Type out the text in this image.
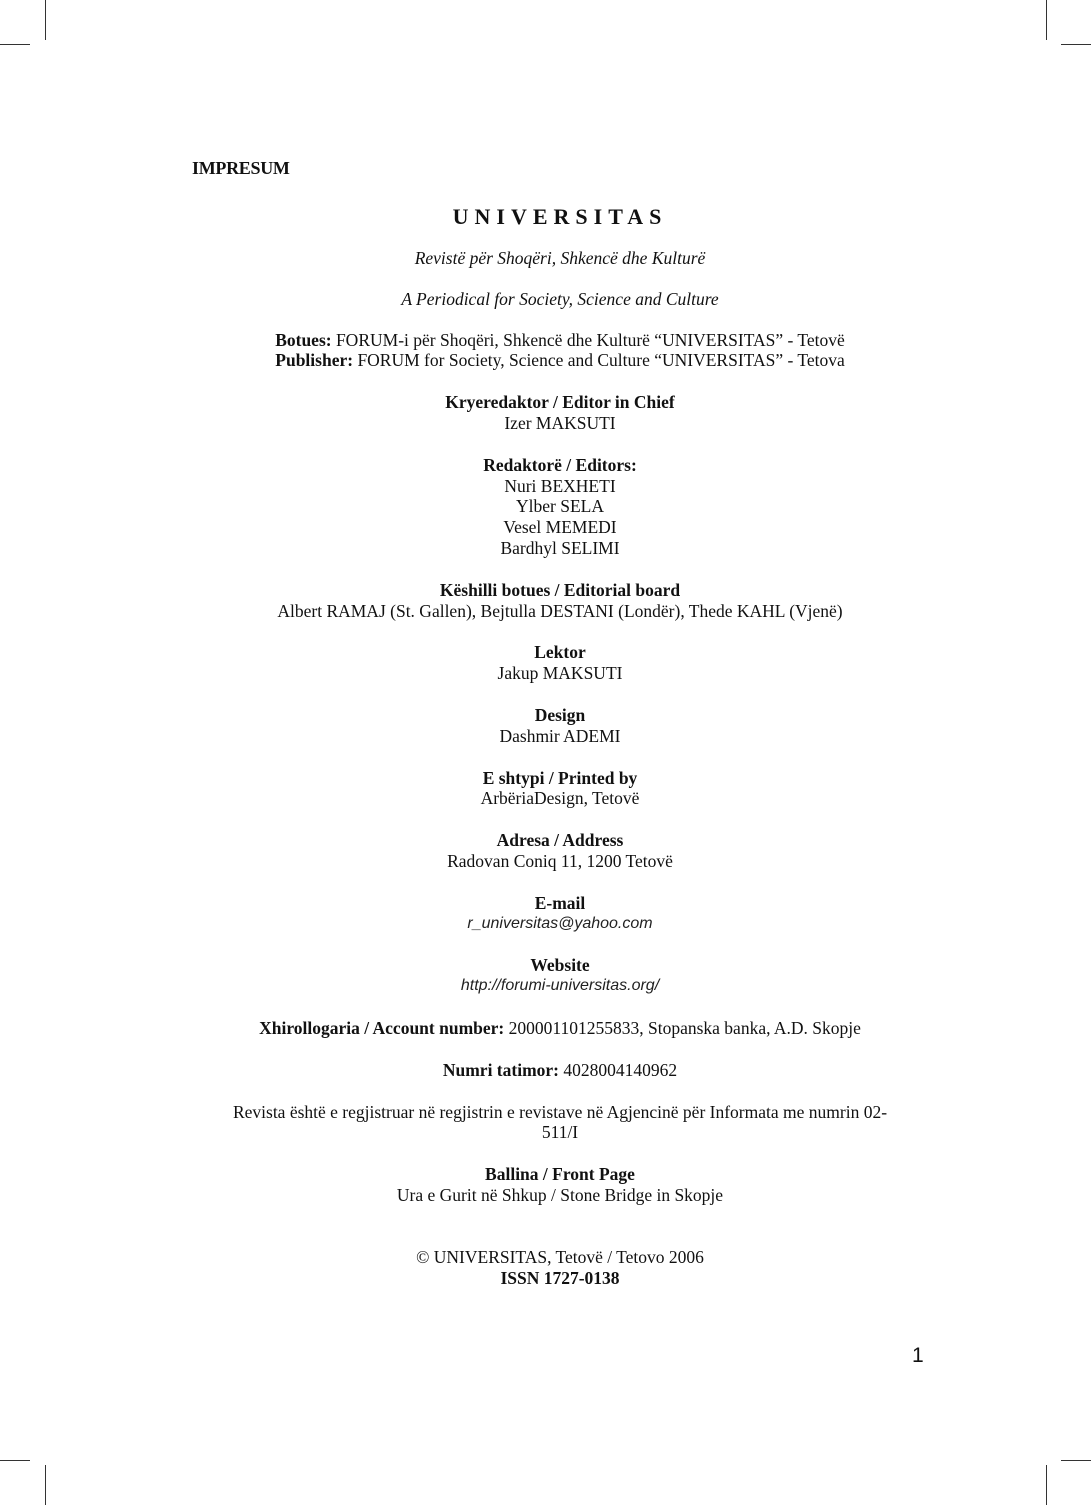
IMPRESUM
UNIVERSITAS

Revistë për Shoqëri, Shkencë dhe Kulturë

A Periodical for Society, Science and Culture

Botues: FORUM-i për Shoqëri, Shkencë dhe Kulturë “UNIVERSITAS” - Tetovë
Publisher: FORUM for Society, Science and Culture “UNIVERSITAS” - Tetova
Kryeredaktor / Editor in Chief
Izer MAKSUTI
Redaktorë / Editors:
Nuri BEXHETI
Ylber SELA
Vesel MEMEDI
Bardhyl SELIMI
Këshilli botues / Editorial board
Albert RAMAJ (St. Gallen), Bejtulla DESTANI (Londër), Thede KAHL (Vjenë)
Lektor
Jakup MAKSUTI
Design
Dashmir ADEMI
E shtypi / Printed by
ArbëriaDesign, Tetovë
Adresa / Address
Radovan Coniq 11, 1200 Tetovë
E-mail
r_universitas@yahoo.com
Website
http://forumi-universitas.org/
Xhirollogaria / Account number: 200001101255833, Stopanska banka, A.D. Skopje
Numri tatimor: 4028004140962
Revista është e regjistruar në regjistrin e revistave në Agjencinë për Informata me numrin 02-
511/I
Ballina / Front Page
Ura e Gurit në Shkup / Stone Bridge in Skopje
© UNIVERSITAS, Tetovë / Tetovo 2006
ISSN 1727-0138
1
